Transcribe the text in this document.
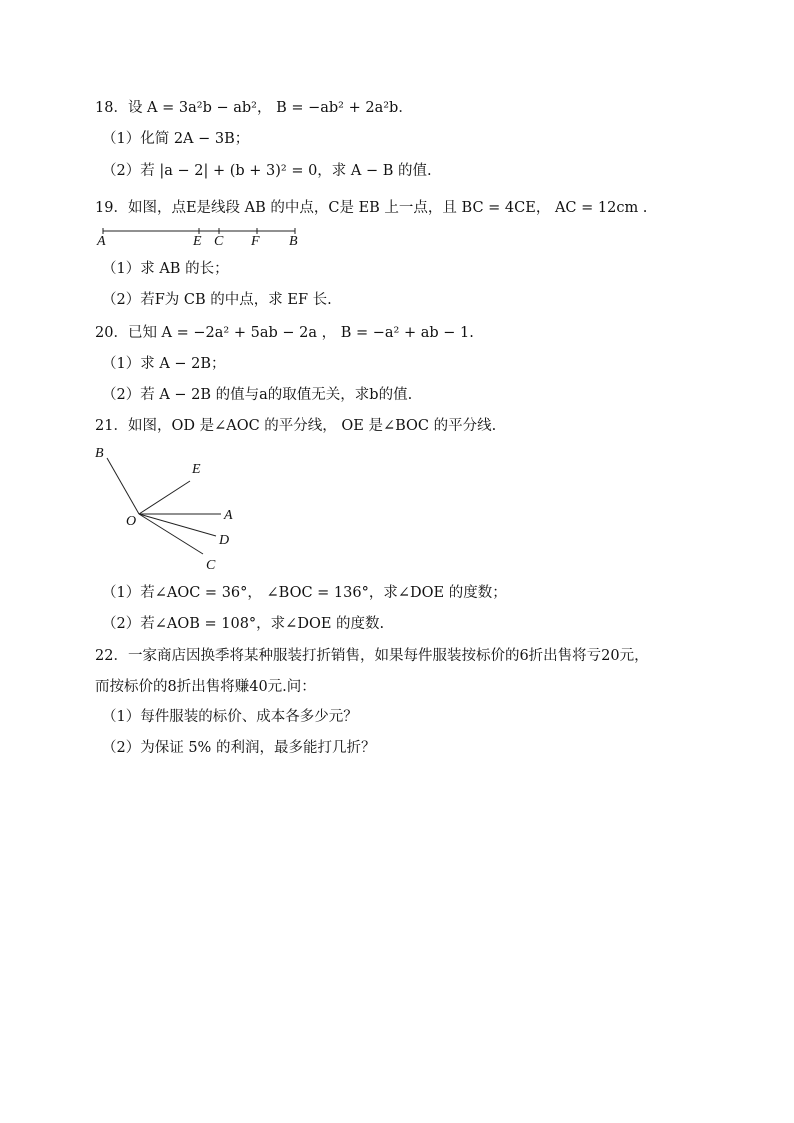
18．设 A = 3a²b − ab²， B = −ab² + 2a²b．
（1）化简 2A − 3B；
（2）若 |a − 2| + (b + 3)² = 0，求 A − B 的值.
19．如图，点E是线段 AB 的中点，C是 EB 上一点，且 BC = 4CE， AC = 12cm .
A	E C F B
（1）求 AB 的长；
（2）若F为 CB 的中点，求 EF 长.
20．已知 A = −2a² + 5ab − 2a ， B = −a² + ab − 1.
（1）求 A − 2B；
（2）若 A − 2B 的值与a的取值无关，求b的值.
21．如图，OD 是∠AOC 的平分线， OE 是∠BOC 的平分线.
B
E
O	A
D
C
（1）若∠AOC = 36°， ∠BOC = 136°，求∠DOE 的度数；
（2）若∠AOB = 108°，求∠DOE 的度数.
22．一家商店因换季将某种服装打折销售，如果每件服装按标价的6折出售将亏20元，
而按标价的8折出售将赚40元.问：
（1）每件服装的标价、成本各多少元？
（2）为保证 5% 的利润，最多能打几折？
